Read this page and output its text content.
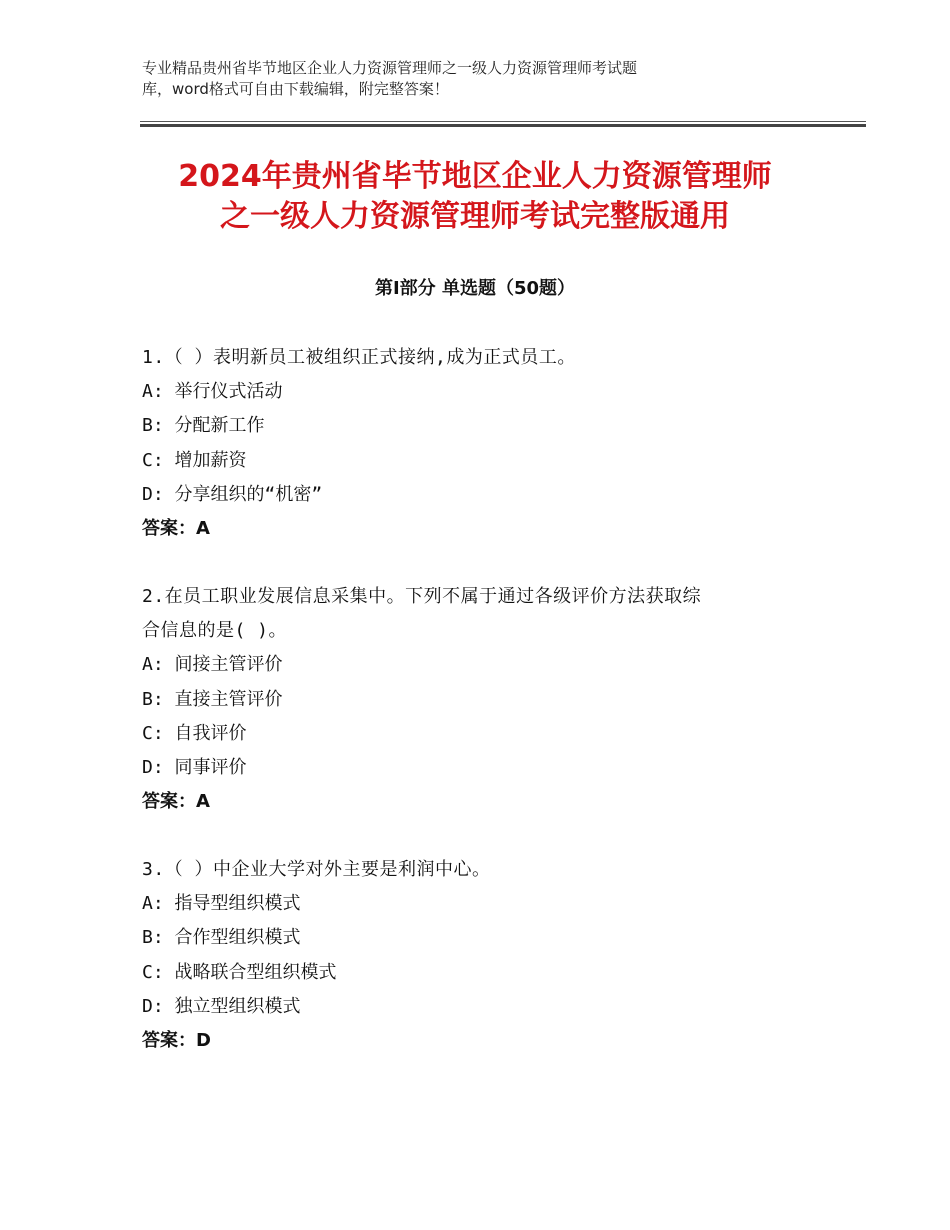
专业精品贵州省毕节地区企业人力资源管理师之一级人力资源管理师考试题
库，word格式可自由下载编辑，附完整答案！
2024年贵州省毕节地区企业人力资源管理师
之一级人力资源管理师考试完整版通用
第Ⅰ部分 单选题（50题）
1.（ ）表明新员工被组织正式接纳,成为正式员工。
A: 举行仪式活动
B: 分配新工作
C: 增加薪资
D: 分享组织的“机密”
答案：A
2.在员工职业发展信息采集中。下列不属于通过各级评价方法获取综
合信息的是( )。
A: 间接主管评价
B: 直接主管评价
C: 自我评价
D: 同事评价
答案：A
3.（ ）中企业大学对外主要是利润中心。
A: 指导型组织模式
B: 合作型组织模式
C: 战略联合型组织模式
D: 独立型组织模式
答案：D
